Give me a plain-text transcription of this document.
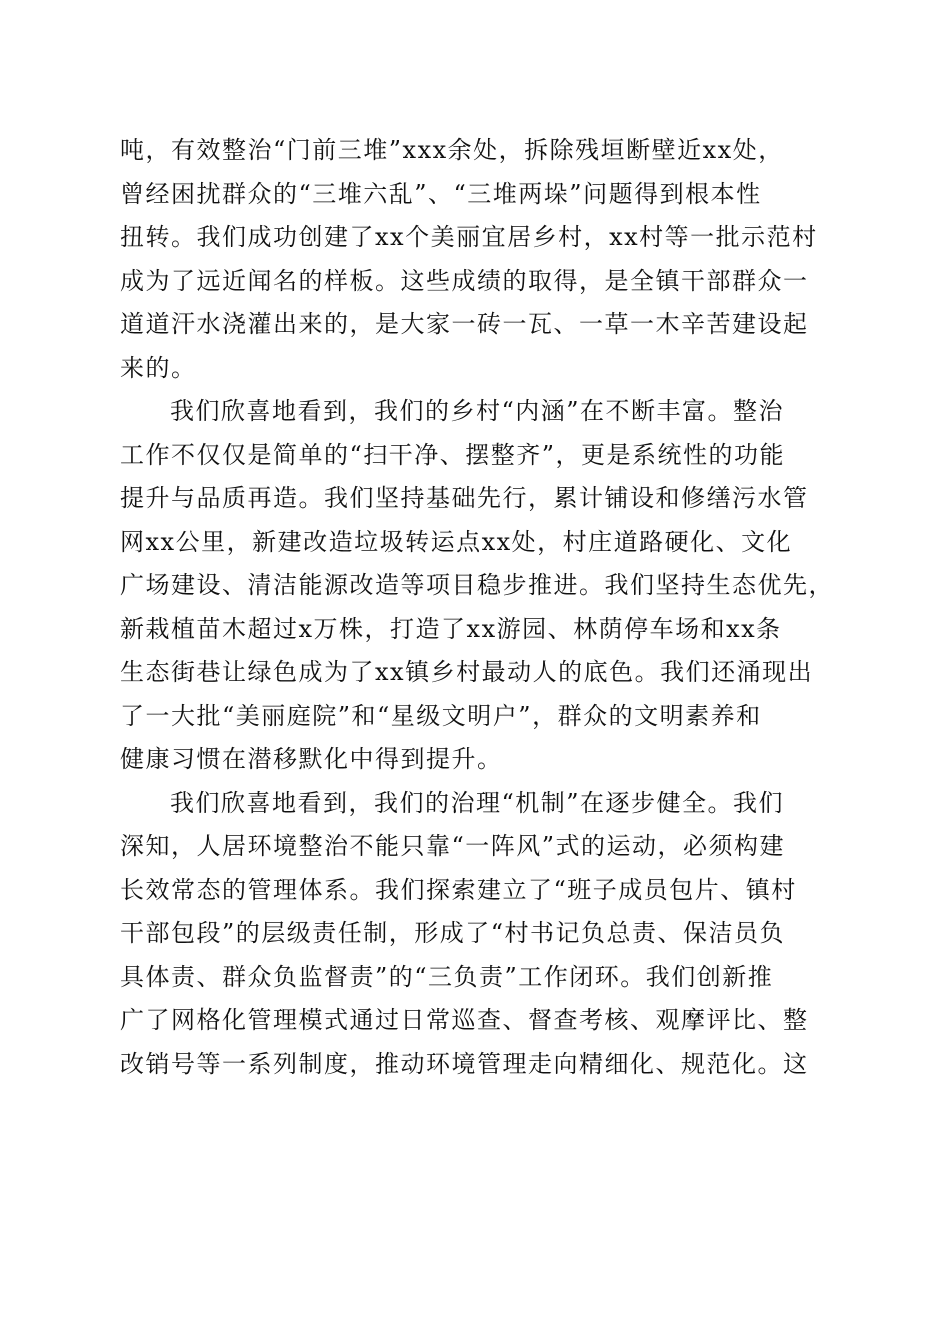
吨，有效整治“门前三堆”xxx余处，拆除残垣断壁近xx处，
曾经困扰群众的“三堆六乱”、“三堆两垛”问题得到根本性
扭转。我们成功创建了xx个美丽宜居乡村，xx村等一批示范村
成为了远近闻名的样板。这些成绩的取得，是全镇干部群众一
道道汗水浇灌出来的，是大家一砖一瓦、一草一木辛苦建设起
来的。
我们欣喜地看到，我们的乡村“内涵”在不断丰富。整治
工作不仅仅是简单的“扫干净、摆整齐”，更是系统性的功能
提升与品质再造。我们坚持基础先行，累计铺设和修缮污水管
网xx公里，新建改造垃圾转运点xx处，村庄道路硬化、文化
广场建设、清洁能源改造等项目稳步推进。我们坚持生态优先，
新栽植苗木超过x万株，打造了xx游园、林荫停车场和xx条
生态街巷让绿色成为了xx镇乡村最动人的底色。我们还涌现出
了一大批“美丽庭院”和“星级文明户”，群众的文明素养和
健康习惯在潜移默化中得到提升。
我们欣喜地看到，我们的治理“机制”在逐步健全。我们
深知，人居环境整治不能只靠“一阵风”式的运动，必须构建
长效常态的管理体系。我们探索建立了“班子成员包片、镇村
干部包段”的层级责任制，形成了“村书记负总责、保洁员负
具体责、群众负监督责”的“三负责”工作闭环。我们创新推
广了网格化管理模式通过日常巡查、督查考核、观摩评比、整
改销号等一系列制度，推动环境管理走向精细化、规范化。这
